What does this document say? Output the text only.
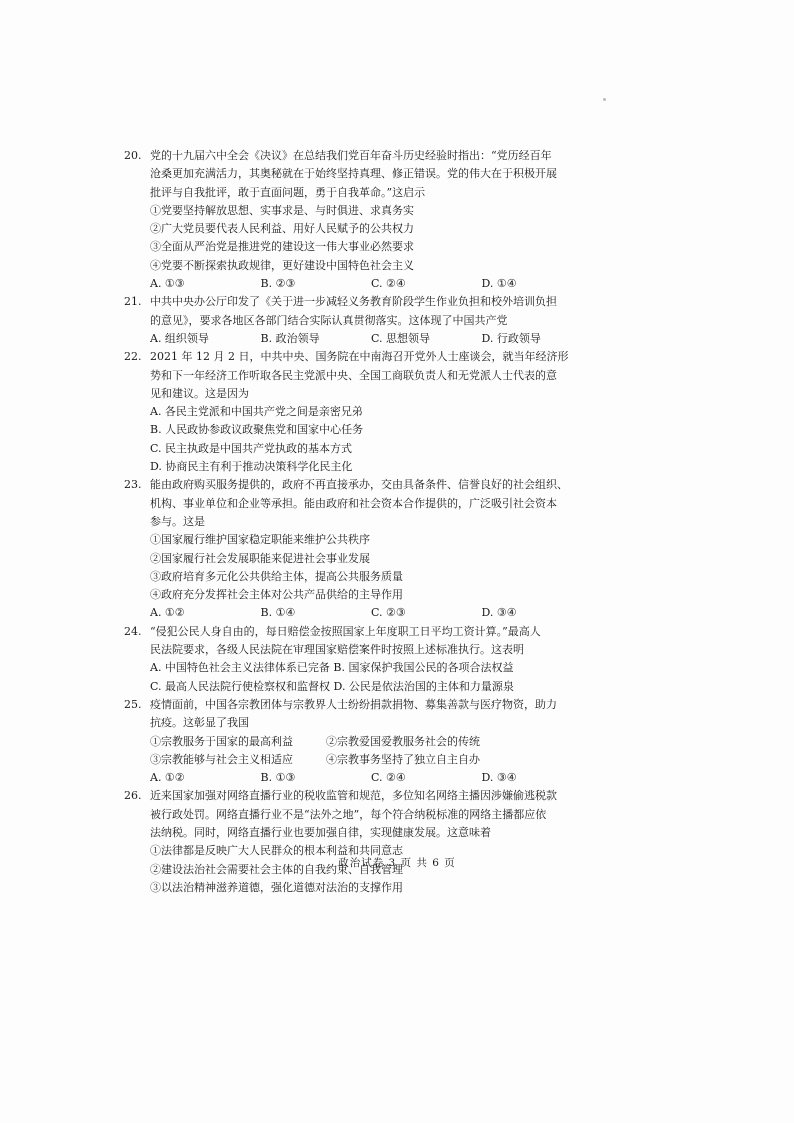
20. 党的十九届六中全会《决议》在总结我们党百年奋斗历史经验时指出：“党历经百年
沧桑更加充满活力，其奥秘就在于始终坚持真理、修正错误。党的伟大在于积极开展
批评与自我批评，敢于直面问题，勇于自我革命。”这启示
①党要坚持解放思想、实事求是、与时俱进、求真务实
②广大党员要代表人民利益、用好人民赋予的公共权力
③全面从严治党是推进党的建设这一伟大事业必然要求
④党要不断探索执政规律，更好建设中国特色社会主义
A. ①③	B. ②③	C. ②④	D. ①④
21. 中共中央办公厅印发了《关于进一步减轻义务教育阶段学生作业负担和校外培训负担
的意见》，要求各地区各部门结合实际认真贯彻落实。这体现了中国共产党
A. 组织领导	B. 政治领导	C. 思想领导	D. 行政领导
22. 2021 年 12 月 2 日，中共中央、国务院在中南海召开党外人士座谈会，就当年经济形
势和下一年经济工作听取各民主党派中央、全国工商联负责人和无党派人士代表的意
见和建议。这是因为
A. 各民主党派和中国共产党之间是亲密兄弟
B. 人民政协参政议政聚焦党和国家中心任务
C. 民主执政是中国共产党执政的基本方式
D. 协商民主有利于推动决策科学化民主化
23. 能由政府购买服务提供的，政府不再直接承办，交由具备条件、信誉良好的社会组织、
机构、事业单位和企业等承担。能由政府和社会资本合作提供的，广泛吸引社会资本
参与。这是
①国家履行维护国家稳定职能来维护公共秩序
②国家履行社会发展职能来促进社会事业发展
③政府培育多元化公共供给主体，提高公共服务质量
④政府充分发挥社会主体对公共产品供给的主导作用
A. ①②	B. ①④	C. ②③	D. ③④
24. “侵犯公民人身自由的，每日赔偿金按照国家上年度职工日平均工资计算。”最高人
民法院要求，各级人民法院在审理国家赔偿案件时按照上述标准执行。这表明
A. 中国特色社会主义法律体系已完备 B. 国家保护我国公民的各项合法权益
C. 最高人民法院行使检察权和监督权 D. 公民是依法治国的主体和力量源泉
25. 疫情面前，中国各宗教团体与宗教界人士纷纷捐款捐物、募集善款与医疗物资，助力
抗疫。这彰显了我国
①宗教服务于国家的最高利益	②宗教爱国爱教服务社会的传统
③宗教能够与社会主义相适应	④宗教事务坚持了独立自主自办
A. ①②	B. ①③	C. ②④	D. ③④
26. 近来国家加强对网络直播行业的税收监管和规范，多位知名网络主播因涉嫌偷逃税款
被行政处罚。网络直播行业不是“法外之地”，每个符合纳税标准的网络主播都应依
法纳税。同时，网络直播行业也要加强自律，实现健康发展。这意味着
①法律都是反映广大人民群众的根本利益和共同意志
②建设法治社会需要社会主体的自我约束、自我管理
③以法治精神滋养道德，强化道德对法治的支撑作用
政治试卷 3 页 共 6 页
